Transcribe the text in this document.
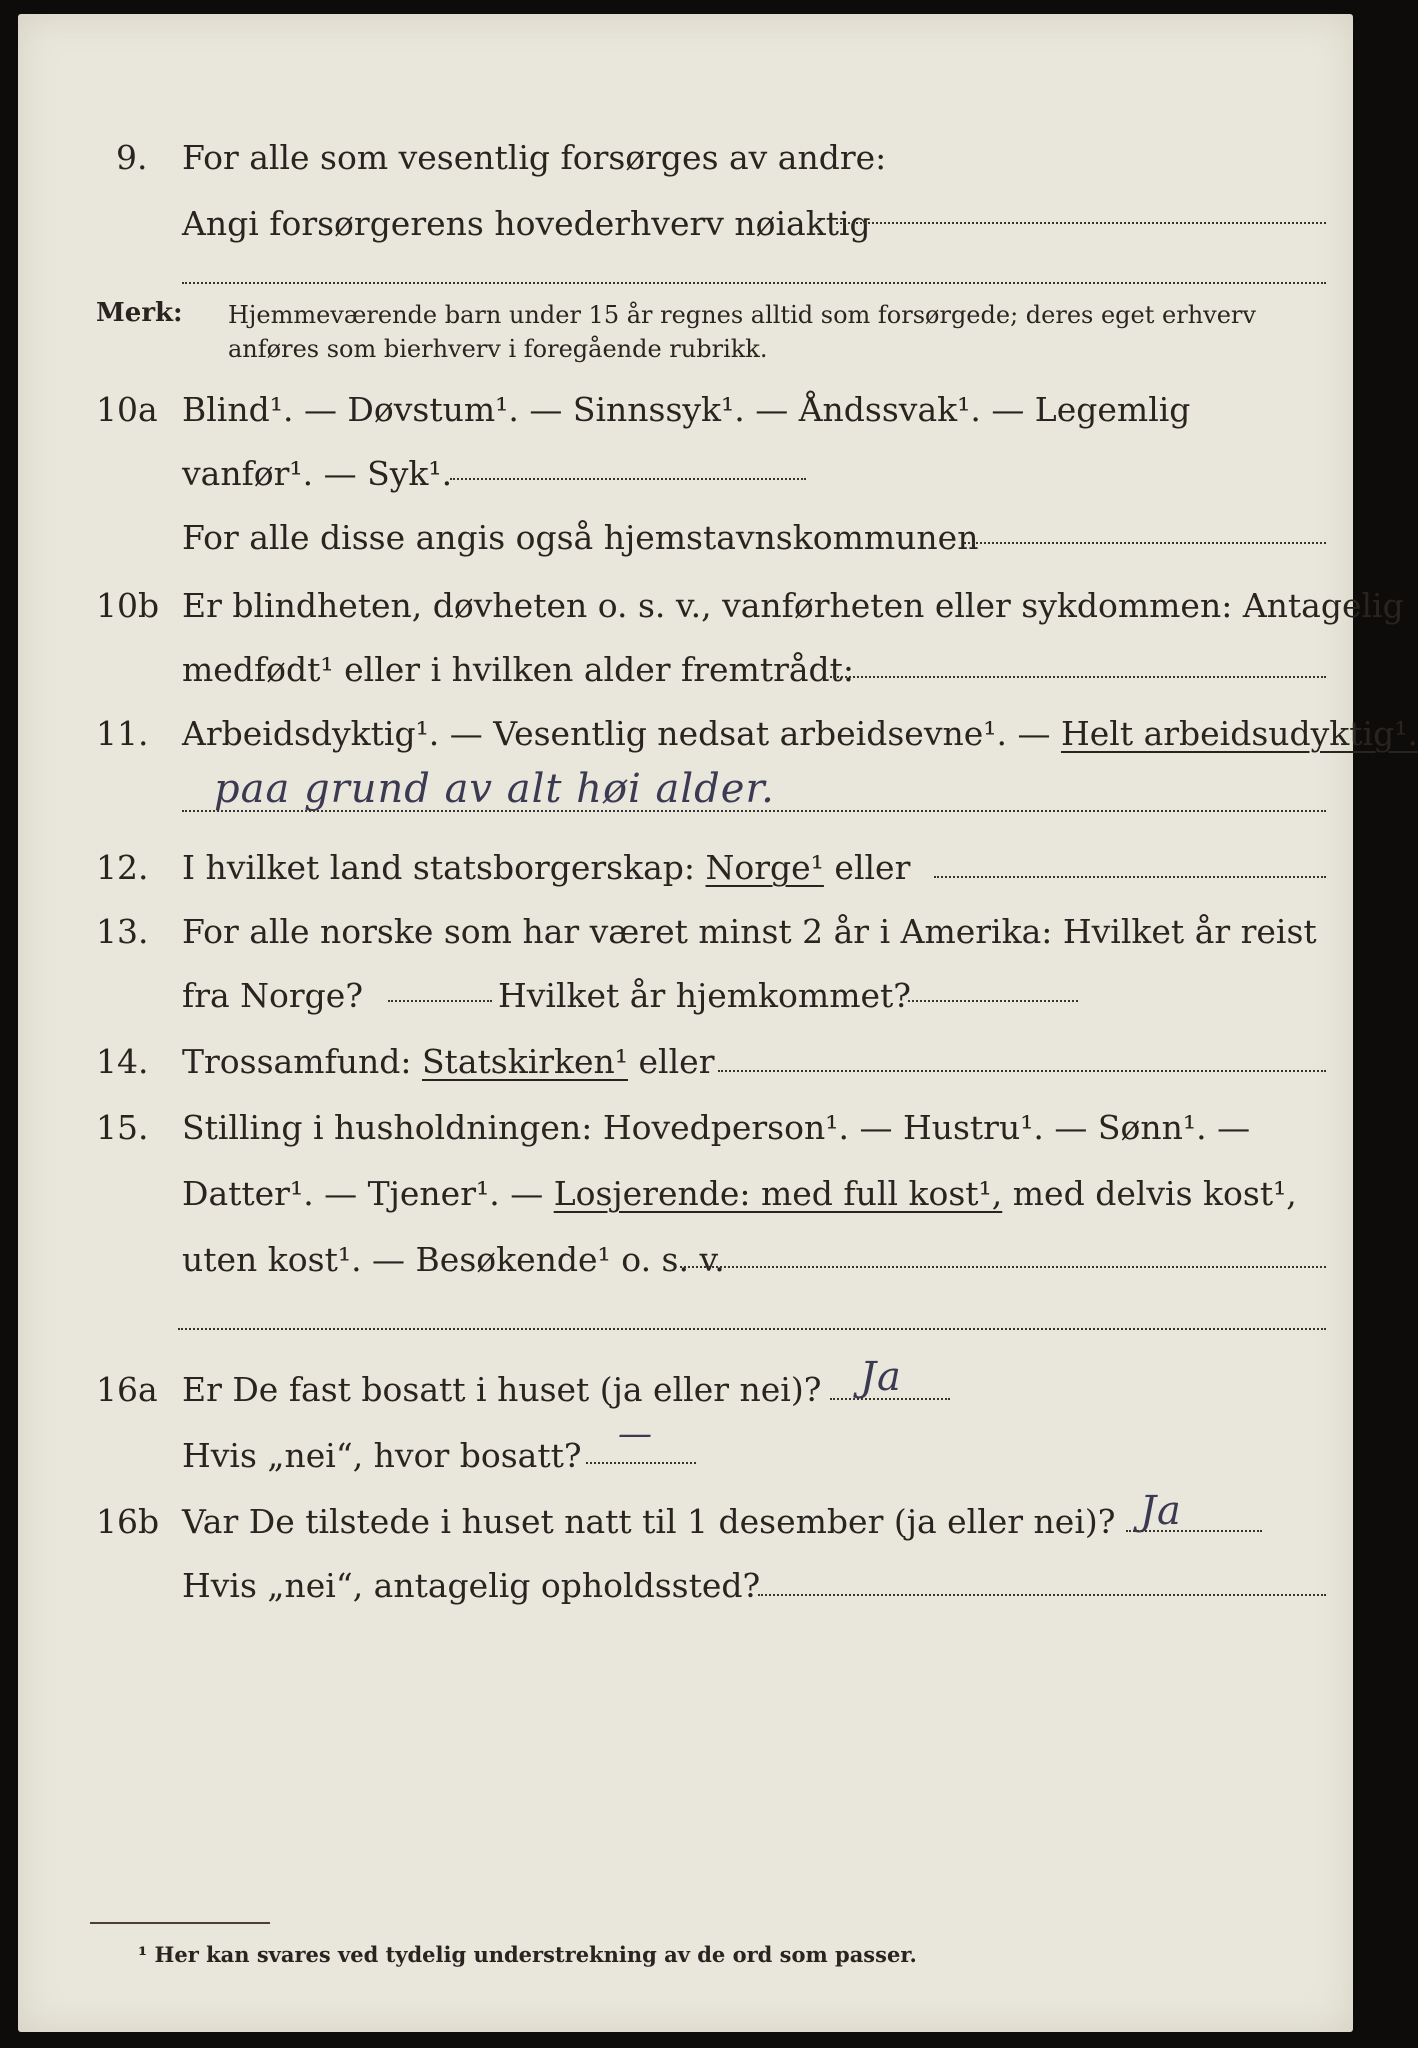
9. For alle som vesentlig forsørges av andre:
Angi forsørgerens hovederhverv nøiaktig
Merk: Hjemmeværende barn under 15 år regnes alltid som forsørgede; deres eget erhverv
anføres som bierhverv i foregående rubrikk.
10a Blind¹. — Døvstum¹. — Sinnssyk¹. — Åndssvak¹. — Legemlig
vanfør¹. — Syk¹.
For alle disse angis også hjemstavnskommunen
10b Er blindheten, døvheten o. s. v., vanførheten eller sykdommen: Antagelig
medfødt¹ eller i hvilken alder fremtrådt:
11. Arbeidsdyktig¹. — Vesentlig nedsat arbeidsevne¹. — Helt arbeidsudyktig¹.
paa grund av alt høi alder.
12. I hvilket land statsborgerskap: Norge¹ eller
13. For alle norske som har været minst 2 år i Amerika: Hvilket år reist
fra Norge?	Hvilket år hjemkommet?
14. Trossamfund: Statskirken¹ eller
15. Stilling i husholdningen: Hovedperson¹. — Hustru¹. — Sønn¹. —
Datter¹. — Tjener¹. — Losjerende: med full kost¹, med delvis kost¹,
uten kost¹. — Besøkende¹ o. s. v.
16a Er De fast bosatt i huset (ja eller nei)? Ja
Hvis „nei“, hvor bosatt?
—
16b Var De tilstede i huset natt til 1 desember (ja eller nei)? Ja
Hvis „nei“, antagelig opholdssted?
¹ Her kan svares ved tydelig understrekning av de ord som passer.
